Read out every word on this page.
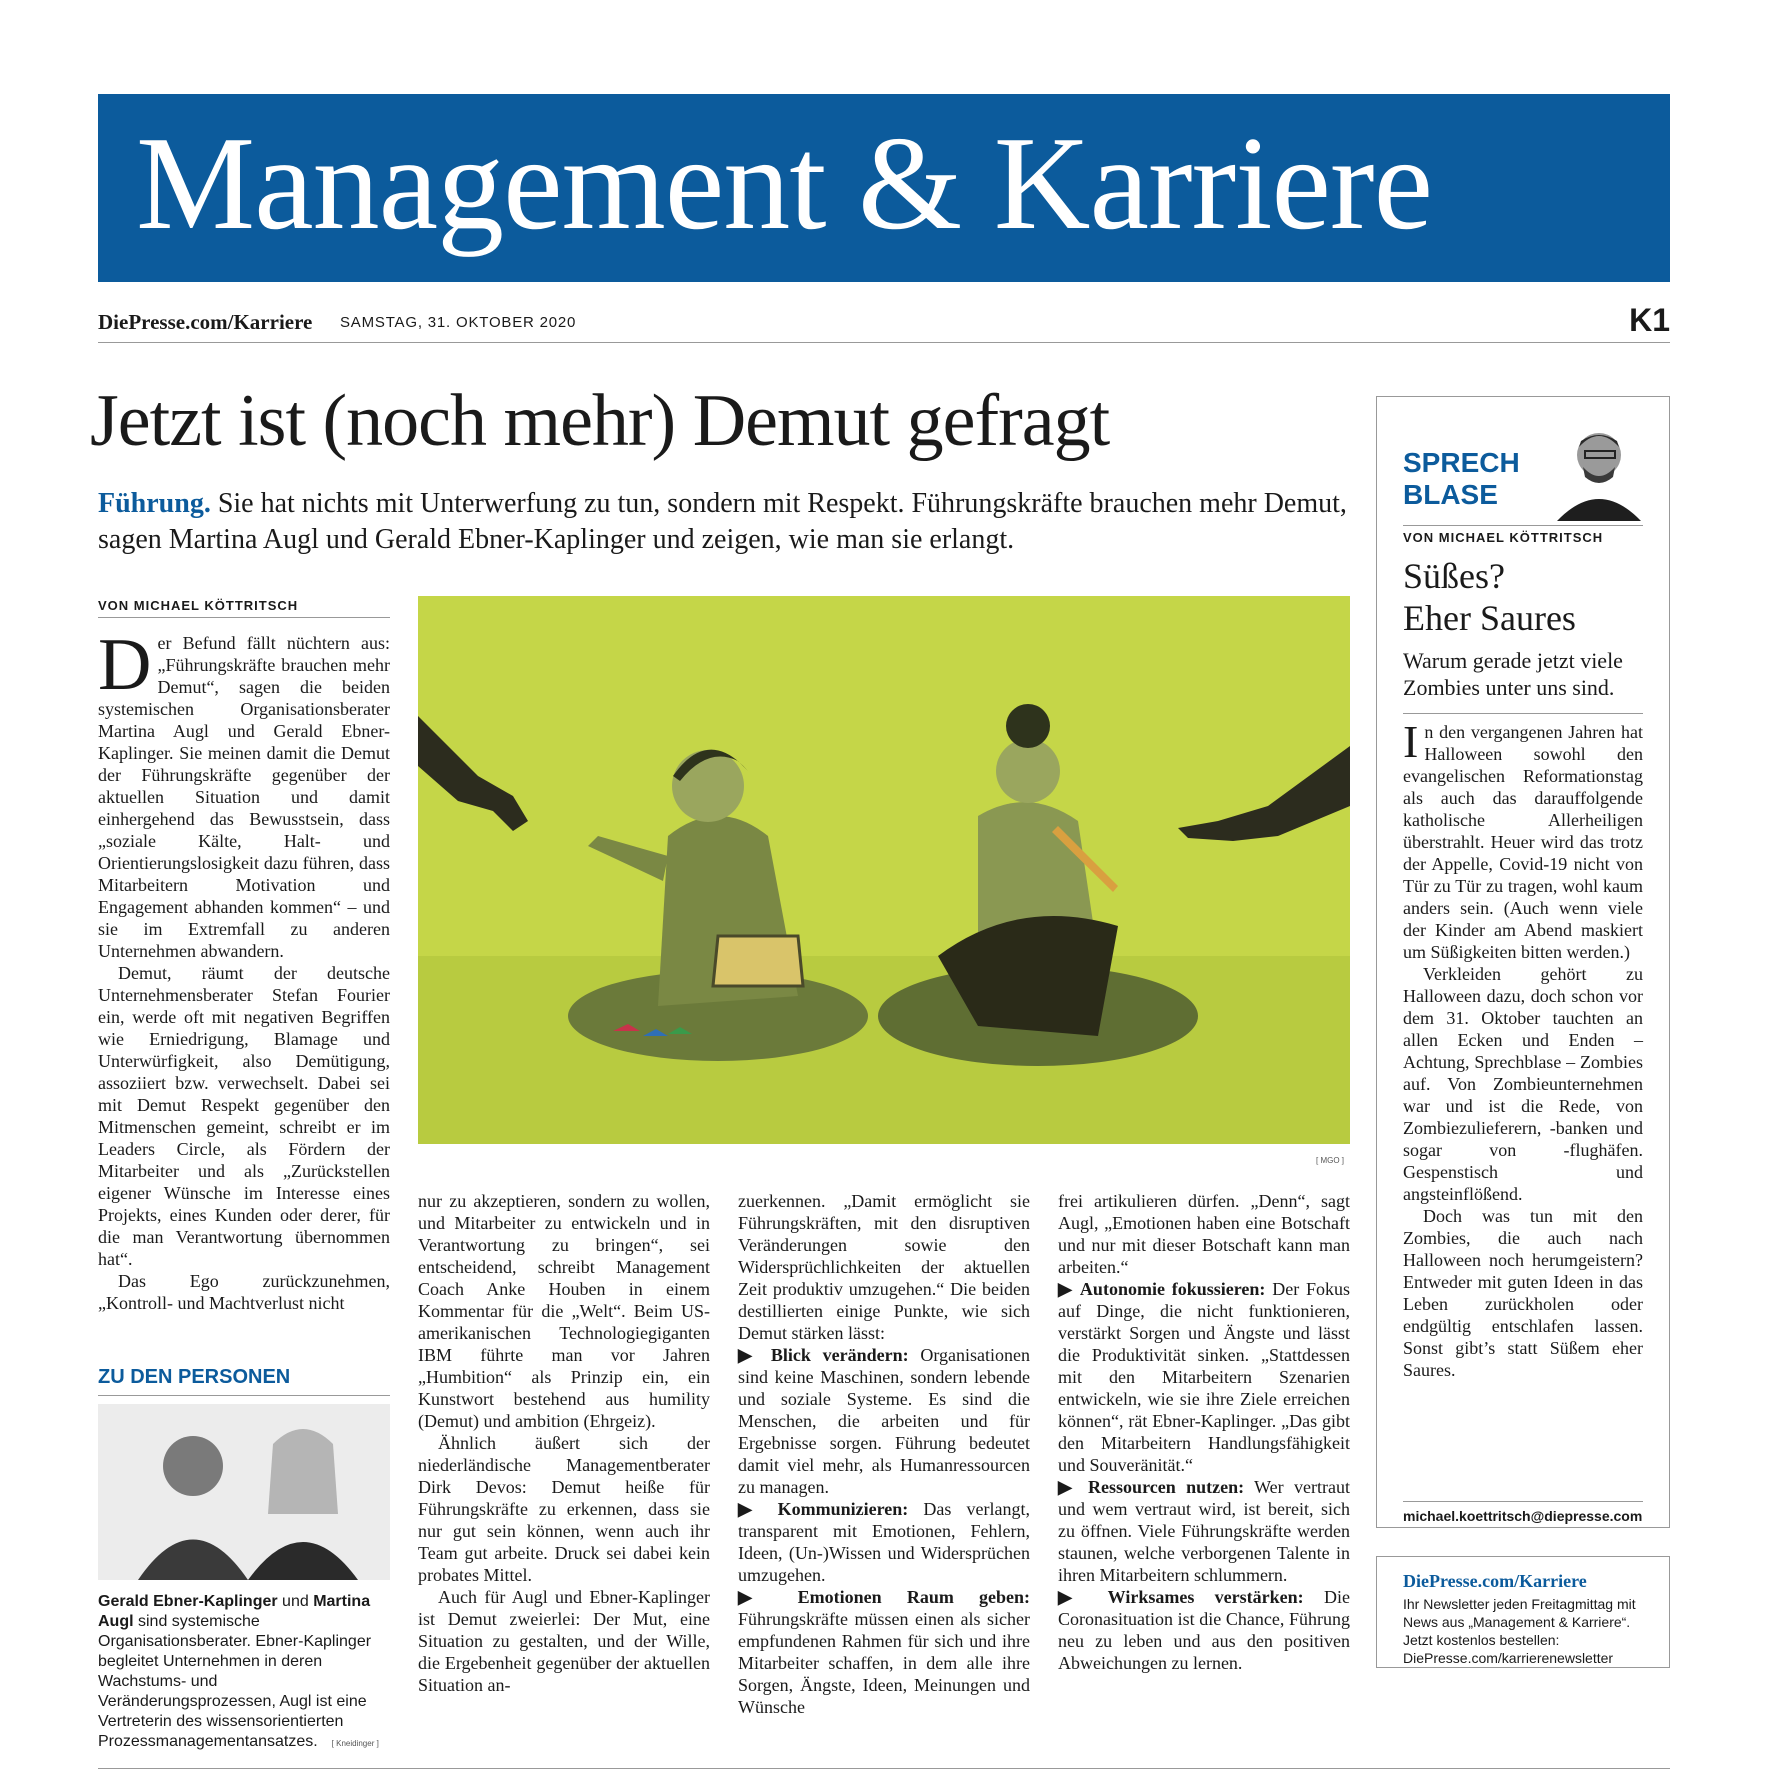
Management & Karriere
DiePresse.com/Karriere SAMSTAG, 31. OKTOBER 2020	K1
Jetzt ist (noch mehr) Demut gefragt
Führung. Sie hat nichts mit Unterwerfung zu tun, sondern mit Respekt. Führungskräfte brauchen mehr Demut, sagen Martina Augl und Gerald Ebner-Kaplinger und zeigen, wie man sie erlangt.
VON MICHAEL KÖTTRITSCH

Der Befund fällt nüchtern aus: „Führungskräfte brauchen mehr Demut“, sagen die beiden systemischen Organisationsberater Martina Augl und Gerald Ebner-Kaplinger. Sie meinen damit die Demut der Führungskräfte gegenüber der aktuellen Situation und damit einhergehend das Bewusstsein, dass „soziale Kälte, Halt- und Orientierungslosigkeit dazu führen, dass Mitarbeitern Motivation und Engagement abhanden kommen“ – und sie im Extremfall zu anderen Unternehmen abwandern.

Demut, räumt der deutsche Unternehmensberater Stefan Fourier ein, werde oft mit negativen Begriffen wie Erniedrigung, Blamage und Unterwürfigkeit, also Demütigung, assoziiert bzw. verwechselt. Dabei sei mit Demut Respekt gegenüber den Mitmenschen gemeint, schreibt er im Leaders Circle, als Fördern der Mitarbeiter und als „Zurückstellen eigener Wünsche im Interesse eines Projekts, eines Kunden oder derer, für die man Verantwortung übernommen hat“.

Das Ego zurückzunehmen, „Kontroll- und Machtverlust nicht

[ MGO ]

nur zu akzeptieren, sondern zu wollen, und Mitarbeiter zu entwickeln und in Verantwortung zu bringen“, sei entscheidend, schreibt Management Coach Anke Houben in einem Kommentar für die „Welt“. Beim US-amerikanischen Technologiegiganten IBM führte man vor Jahren „Humbition“ als Prinzip ein, ein Kunstwort bestehend aus humility (Demut) und ambition (Ehrgeiz).

Ähnlich äußert sich der niederländische Managementberater Dirk Devos: Demut heiße für Führungskräfte zu erkennen, dass sie nur gut sein können, wenn auch ihr Team gut arbeite. Druck sei dabei kein probates Mittel.

Auch für Augl und Ebner-Kaplinger ist Demut zweierlei: Der Mut, eine Situation zu gestalten, und der Wille, die Ergebenheit gegenüber der aktuellen Situation an-

zuerkennen. „Damit ermöglicht sie Führungskräften, mit den disruptiven Veränderungen sowie den Widersprüchlichkeiten der aktuellen Zeit produktiv umzugehen.“ Die beiden destillierten einige Punkte, wie sich Demut stärken lässt:

▶ Blick verändern: Organisationen sind keine Maschinen, sondern lebende und soziale Systeme. Es sind die Menschen, die arbeiten und für Ergebnisse sorgen. Führung bedeutet damit viel mehr, als Humanressourcen zu managen.

▶ Kommunizieren: Das verlangt, transparent mit Emotionen, Fehlern, Ideen, (Un-)Wissen und Widersprüchen umzugehen.

▶ Emotionen Raum geben: Führungskräfte müssen einen als sicher empfundenen Rahmen für sich und ihre Mitarbeiter schaffen, in dem alle ihre Sorgen, Ängste, Ideen, Meinungen und Wünsche

frei artikulieren dürfen. „Denn“, sagt Augl, „Emotionen haben eine Botschaft und nur mit dieser Botschaft kann man arbeiten.“

▶ Autonomie fokussieren: Der Fokus auf Dinge, die nicht funktionieren, verstärkt Sorgen und Ängste und lässt die Produktivität sinken. „Stattdessen mit den Mitarbeitern Szenarien entwickeln, wie sie ihre Ziele erreichen können“, rät Ebner-Kaplinger. „Das gibt den Mitarbeitern Handlungsfähigkeit und Souveränität.“

▶ Ressourcen nutzen: Wer vertraut und wem vertraut wird, ist bereit, sich zu öffnen. Viele Führungskräfte werden staunen, welche verborgenen Talente in ihren Mitarbeitern schlummern.

▶ Wirksames verstärken: Die Coronasituation ist die Chance, Führung neu zu leben und aus den positiven Abweichungen zu lernen.

ZU DEN PERSONEN
Gerald Ebner-Kaplinger und Martina Augl sind systemische Organisationsberater. Ebner-Kaplinger begleitet Unternehmen in deren Wachstums- und Veränderungsprozessen, Augl ist eine Vertreterin des wissensorientierten Prozessmanagementansatzes. [ Kneidinger ]
SPRECH
BLASE
VON MICHAEL KÖTTRITSCH
Süßes?
Eher Saures
Warum gerade jetzt viele Zombies unter uns sind.

In den vergangenen Jahren hat Halloween sowohl den evangelischen Reformationstag als auch das darauffolgende katholische Allerheiligen überstrahlt. Heuer wird das trotz der Appelle, Covid-19 nicht von Tür zu Tür zu tragen, wohl kaum anders sein. (Auch wenn viele der Kinder am Abend maskiert um Süßigkeiten bitten werden.)

Verkleiden gehört zu Halloween dazu, doch schon vor dem 31. Oktober tauchten an allen Ecken und Enden – Achtung, Sprechblase – Zombies auf. Von Zombieunternehmen war und ist die Rede, von Zombiezulieferern, -banken und sogar von -flughäfen. Gespenstisch und angsteinflößend.

Doch was tun mit den Zombies, die auch nach Halloween noch herumgeistern? Entweder mit guten Ideen in das Leben zurückholen oder endgültig entschlafen lassen. Sonst gibt’s statt Süßem eher Saures.

michael.koettritsch@diepresse.com
DiePresse.com/Karriere
Ihr Newsletter jeden Freitagmittag mit News aus „Management & Karriere“. Jetzt kostenlos bestellen: DiePresse.com/karrierenewsletter
